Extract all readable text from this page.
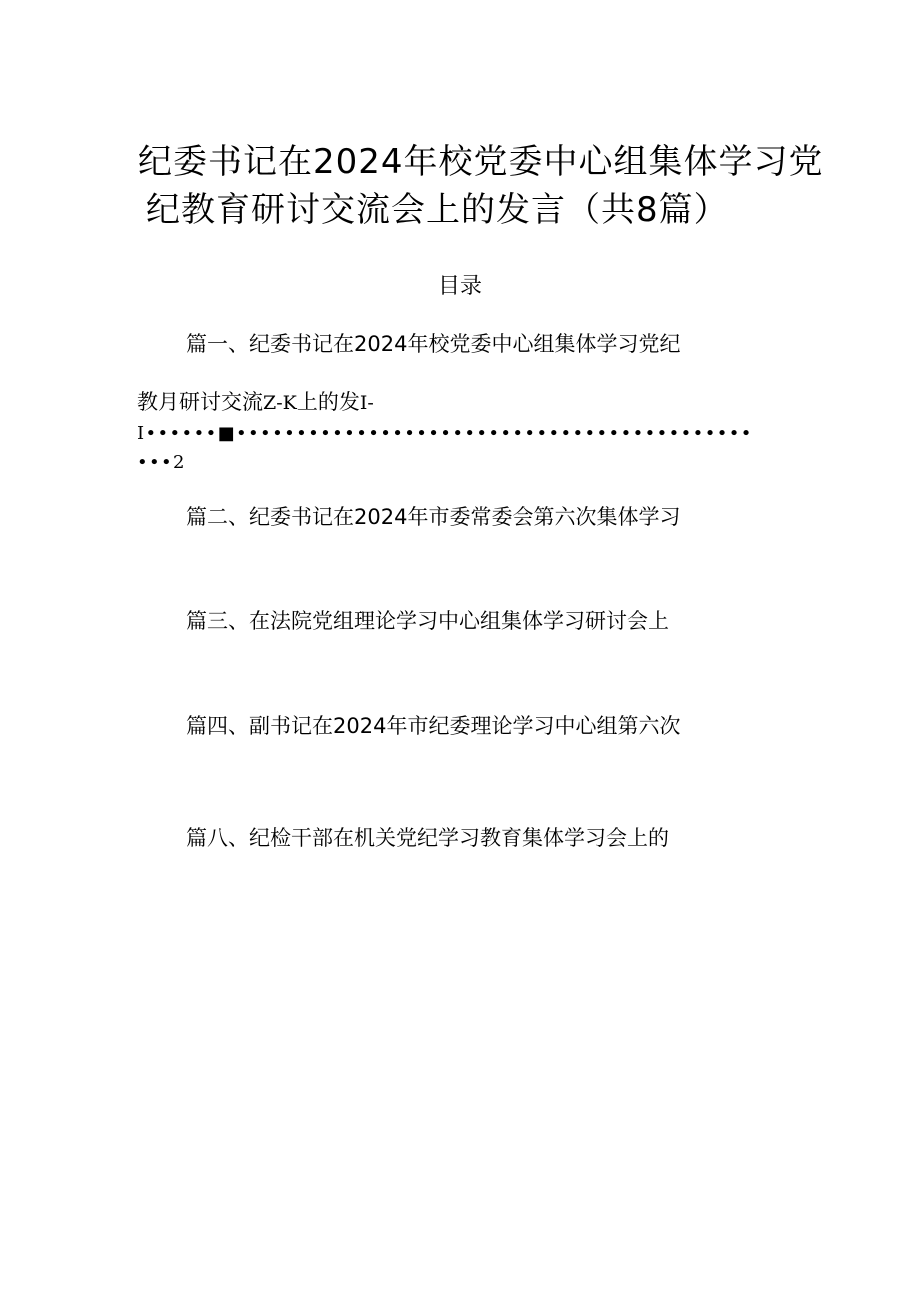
纪委书记在2024年校党委中心组集体学习党
纪教育研讨交流会上的发言（共8篇）
目录
篇一、纪委书记在2024年校党委中心组集体学习党纪
教月研讨交流Z-K上的发I-
I••••••■•••••••••••••••••••••••••••••••••••••••••••
•••2
篇二、纪委书记在2024年市委常委会第六次集体学习
篇三、在法院党组理论学习中心组集体学习研讨会上
篇四、副书记在2024年市纪委理论学习中心组第六次
篇八、纪检干部在机关党纪学习教育集体学习会上的
